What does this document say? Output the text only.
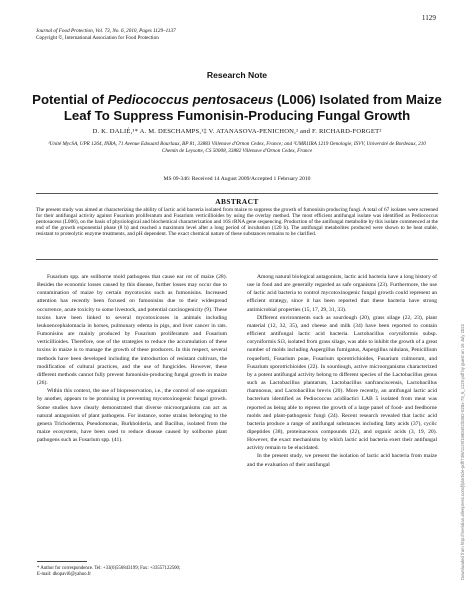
1129
Journal of Food Protection, Vol. 73, No. 6, 2010, Pages 1129–1137
Copyright ©, International Association for Food Protection
Research Note
Potential of Pediococcus pentosaceus (L006) Isolated from Maize Leaf To Suppress Fumonisin-Producing Fungal Growth
D. K. DALIÉ,¹* A. M. DESCHAMPS,¹‡ V. ATANASOVA-PENICHON,² and F. RICHARD-FORGET²
¹Unité MycSA, UPR 1264, INRA, 71 Avenue Edouard Bourlaux, BP 81, 33883 Villenave d'Ornon Cedex, France; and ²UMR1IRA 1219 Oenologie, ISVV, Université de Bordeaux, 210 Chemin de Leysotte, CS 50008, 33882 Villenave d'Ornon Cedex, France
MS 09-346: Received 14 August 2009/Accepted 1 February 2010
ABSTRACT

The present study was aimed at characterizing the ability of lactic acid bacteria isolated from maize to suppress the growth of fumonisin producing fungi. A total of 67 isolates were screened for their antifungal activity against Fusarium proliferatum and Fusarium verticillioides by using the overlay method. The most efficient antifungal isolate was identified as Pediococcus pentosaceus (L006), on the basis of physiological and biochemical characterization and 16S rRNA gene sequencing. Production of the antifungal metabolite by this isolate commenced at the end of the growth exponential phase (8 h) and reached a maximum level after a long period of incubation (120 h). The antifungal metabolites produced were shown to be heat stable, resistant to proteolytic enzyme treatments, and pH dependent. The exact chemical nature of these substances remains to be clarified.

Fusarium spp. are soilborne mold pathogens that cause ear rot of maize (28). Besides the economic losses caused by this disease, further losses may occur due to contamination of maize by certain mycotoxins such as fumonisins. Increased attention has recently been focused on fumonisins due to their widespread occurrence, acute toxicity to some livestock, and potential carcinogenicity (9). These toxins have been linked to several mycotoxicoses in animals including leukoencephalomacia in horses, pulmonary edema in pigs, and liver cancer in rats. Fumonisins are mainly produced by Fusarium proliferatum and Fusarium verticillioides. Therefore, one of the strategies to reduce the accumulation of these toxins in maize is to manage the growth of these producers. In this respect, several methods have been developed including the introduction of resistant cultivars, the modification of cultural practices, and the use of fungicides. However, these different methods cannot fully prevent fumonisin-producing fungal growth in maize (26).

Within this context, the use of biopreservation, i.e., the control of one organism by another, appears to be promising in preventing mycotoxinogenic fungal growth. Some studies have clearly demonstrated that diverse microorganisms can act as natural antagonists of plant pathogens. For instance, some strains belonging to the genera Trichoderma, Pseudomonas, Burkholderia, and Bacillus, isolated from the maize ecosystem, have been used to reduce disease caused by soilborne plant pathogens such as Fusarium spp. (41).

Among natural biological antagonists, lactic acid bacteria have a long history of use in food and are generally regarded as safe organisms (23). Furthermore, the use of lactic acid bacteria to control mycotoxinogenic fungal growth could represent an efficient strategy, since it has been reported that these bacteria have strong antimicrobial properties (15, 17, 29, 31, 33).

Different environments such as sourdough (20), grass silage (22, 23), plant material (12, 32, 35), and cheese and milk (34) have been reported to contain efficient antifungal lactic acid bacteria. Lactobacillus coryniformis subsp. coryniformis Si3, isolated from grass silage, was able to inhibit the growth of a great number of molds including Aspergillus fumigatus, Aspergillus nidulans, Penicillium roqueforti, Fusarium poae, Fusarium sporotrichioides, Fusarium culmorum, and Fusarium sporotrichioides (22). In sourdough, active microorganisms characterized by a potent antifungal activity belong to different species of the Lactobacillus genus such as Lactobacillus plantarum, Lactobacillus sanfranciscensis, Lactobacillus rhamnosus, and Lactobacillus brevis (20). More recently, an antifungal lactic acid bacterium identified as Pediococcus acidilactici LAB 5 isolated from meat was reported as being able to repress the growth of a large panel of food- and feedborne molds and plant-pathogenic fungi (24). Recent research revealed that lactic acid bacteria produce a range of antifungal substances including fatty acids (37), cyclic dipeptides (38), proteinaceous compounds (22), and organic acids (3, 19, 20). However, the exact mechanisms by which lactic acid bacteria exert their antifungal activity remain to be elucidated.

In the present study, we present the isolation of lactic acid bacteria from maize and the evaluation of their antifungal

* Author for correspondence. Tel: +33(0)556843199; Fax: +33557122500;

E-mail: dkopavi0@yahoo.fr	Downloaded from http://meridian.allenpress.com/jfp/article-pdf/73/6/1129/1680492/0362-028x-73_6_1129.pdf by guest on 16 July 2022
